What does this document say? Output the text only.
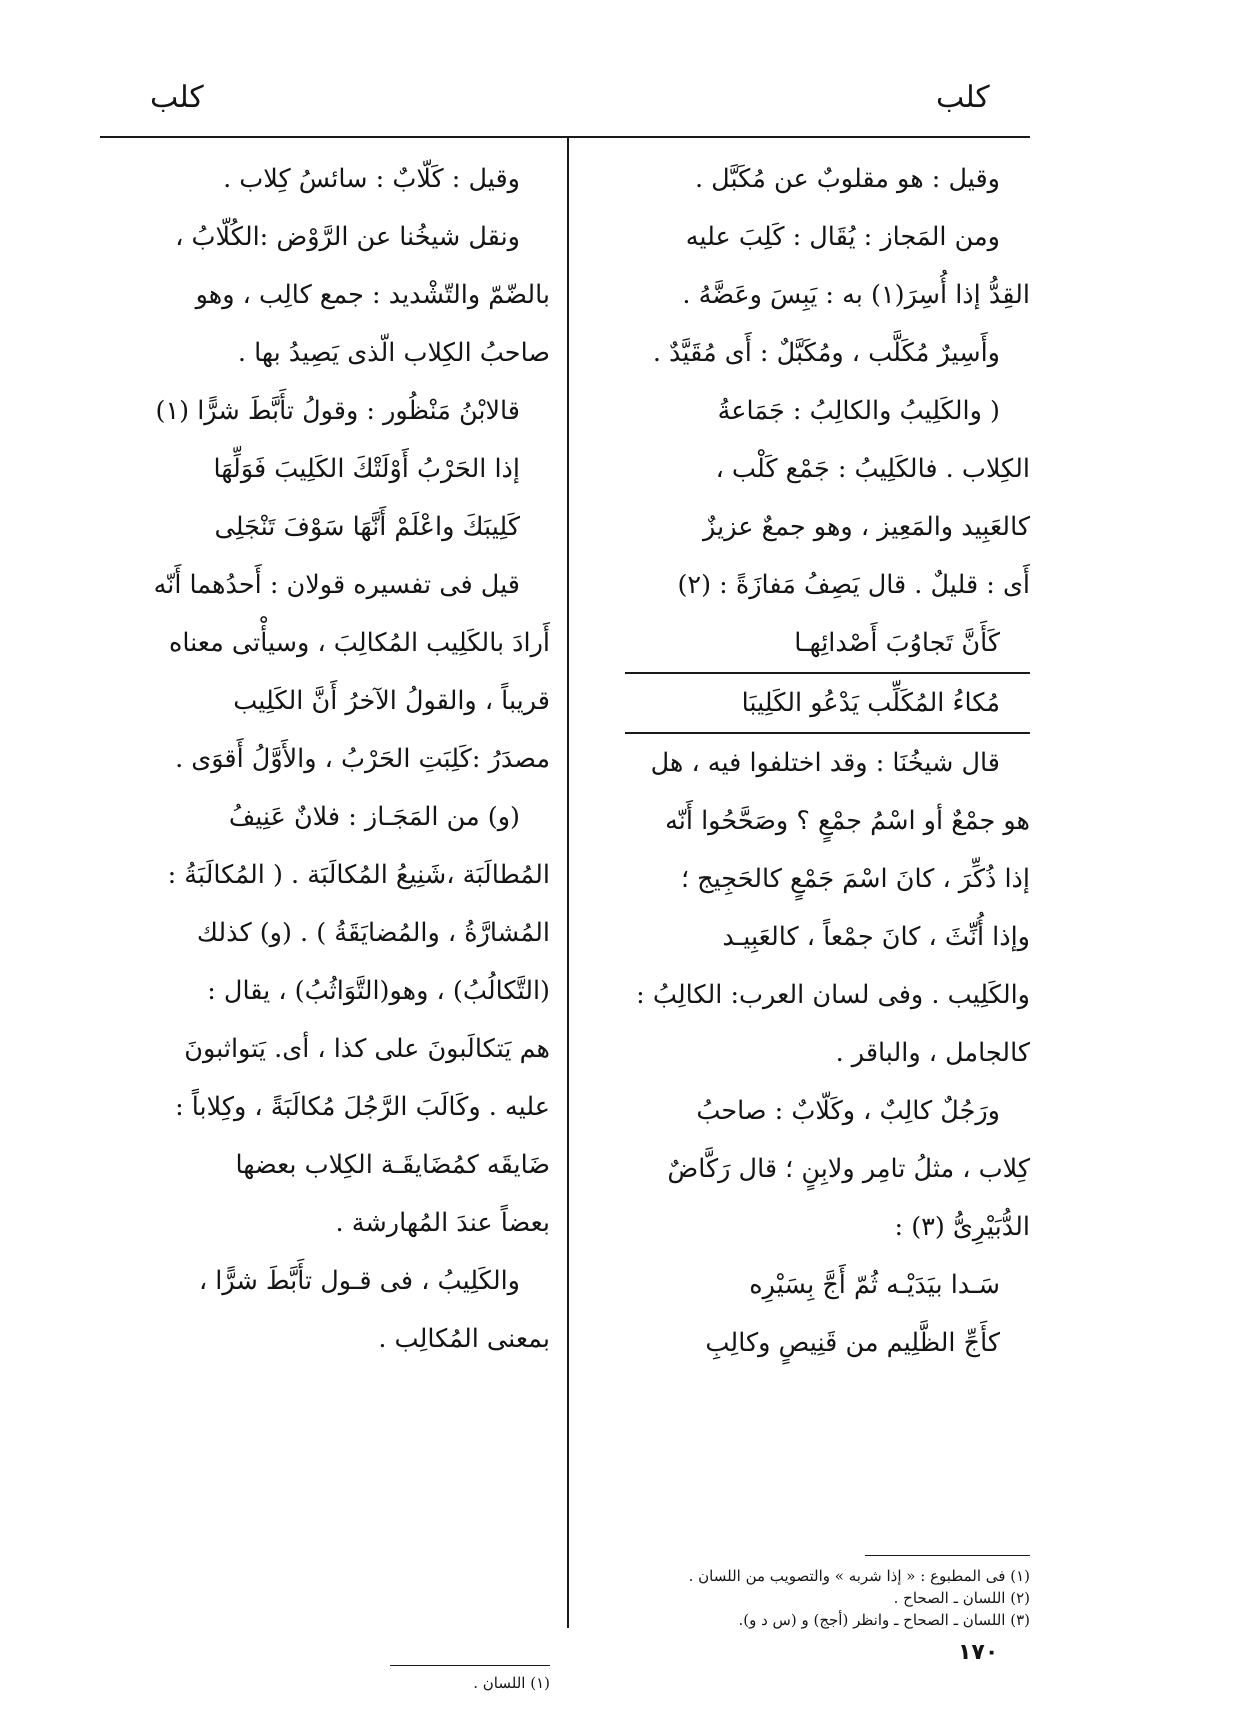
كلب
كلب
وقيل : هو مقلوبٌ عن مُكَبَّل .
ومن المَجاز : يُقَال : كَلِبَ عليه
القِدُّ إذا أُسِرَ(١) به : يَبِسَ وعَضَّهُ .
وأَسِيرٌ مُكَلَّب ، ومُكَبَّلٌ : أَى مُقَيَّدٌ .
( والكَلِيبُ والكالِبُ : جَمَاعةُ
الكِلاب . فالكَلِيبُ : جَمْع كَلْب ،
كالعَبِيد والمَعِيز ، وهو جمعٌ عزيزٌ
أَى : قليلٌ . قال يَصِفُ مَفازَةً : (٢)
كَأَنَّ تَجاوُبَ أَصْدائِهـا
مُكاءُ المُكَلِّب يَدْعُو الكَلِيبَا
قال شيخُنَا : وقد اختلفوا فيه ، هل
هو جمْعٌ أو اسْمُ جمْعٍ ؟ وصَحَّحُوا أَنّه
إذا ذُكِّرَ ، كانَ اسْمَ جَمْعٍ كالحَجِيج ؛
وإذا أُنِّثَ ، كانَ جمْعاً ، كالعَبِيـد
والكَلِيب . وفى لسان العرب: الكالِبُ :
كالجامل ، والباقر .
ورَجُلٌ كالِبٌ ، وكَلّابٌ : صاحبُ
كِلاب ، مثلُ تامِر ولابِنٍ ؛ قال رَكَّاضٌ
الدُّبَيْرِىُّ (٣) :
سَـدا بيَدَيْـه ثُمّ أَجَّ بِسَيْرِه
كأَجِّ الظَّلِيم من قَنِيصٍ وكالِبِ
(١) فى المطبوع : « إذا شربه » والتصويب من اللسان .
(٢) اللسان ـ الصحاح .
(٣) اللسان ـ الصحاح ـ وانظر (أجج) و (س د و).
وقيل : كَلّابٌ : سائسُ كِلاب .
ونقل شيخُنا عن الرَّوْض :الكُلّابُ ،
بالضّمّ والتّشْديد : جمع كالِب ، وهو
صاحبُ الكِلاب الّذى يَصِيدُ بها .
قالابْنُ مَنْظُور : وقولُ تأَبَّطَ شرًّا (١)
إذا الحَرْبُ أَوْلَتْكَ الكَلِيبَ فَوَلِّهَا
كَلِيبَكَ واعْلَمْ أَنَّهَا سَوْفَ تَنْجَلِى
قيل فى تفسيره قولان : أَحدُهما أَنّه
أَرادَ بالكَلِيب المُكالِبَ ، وسيأْتى معناه
قريباً ، والقولُ الآخرُ أَنَّ الكَلِيب
مصدَرُ :كَلِبَتِ الحَرْبُ ، والأَوَّلُ أَقوَى .
(و) من المَجَـاز : فلانٌ عَنِيفُ
المُطالَبَة ،شَنِيعُ المُكالَبَة . ( المُكالَبَةُ :
المُشارَّةُ ، والمُضايَقَةُ ) . (و) كذلك
(التَّكالُبُ) ، وهو(التَّوَاثُبُ) ، يقال :
هم يَتكالَبونَ على كذا ، أى. يَتواثبونَ
عليه . وكَالَبَ الرَّجُلَ مُكالَبَةً ، وكِلاباً :
ضَايقَه كمُضَايقَـة الكِلاب بعضها
بعضاً عندَ المُهارشة .
والكَلِيبُ ، فى قـول تأَبَّطَ شرًّا ،
بمعنى المُكالِب .
(١) اللسان .
١٧٠
